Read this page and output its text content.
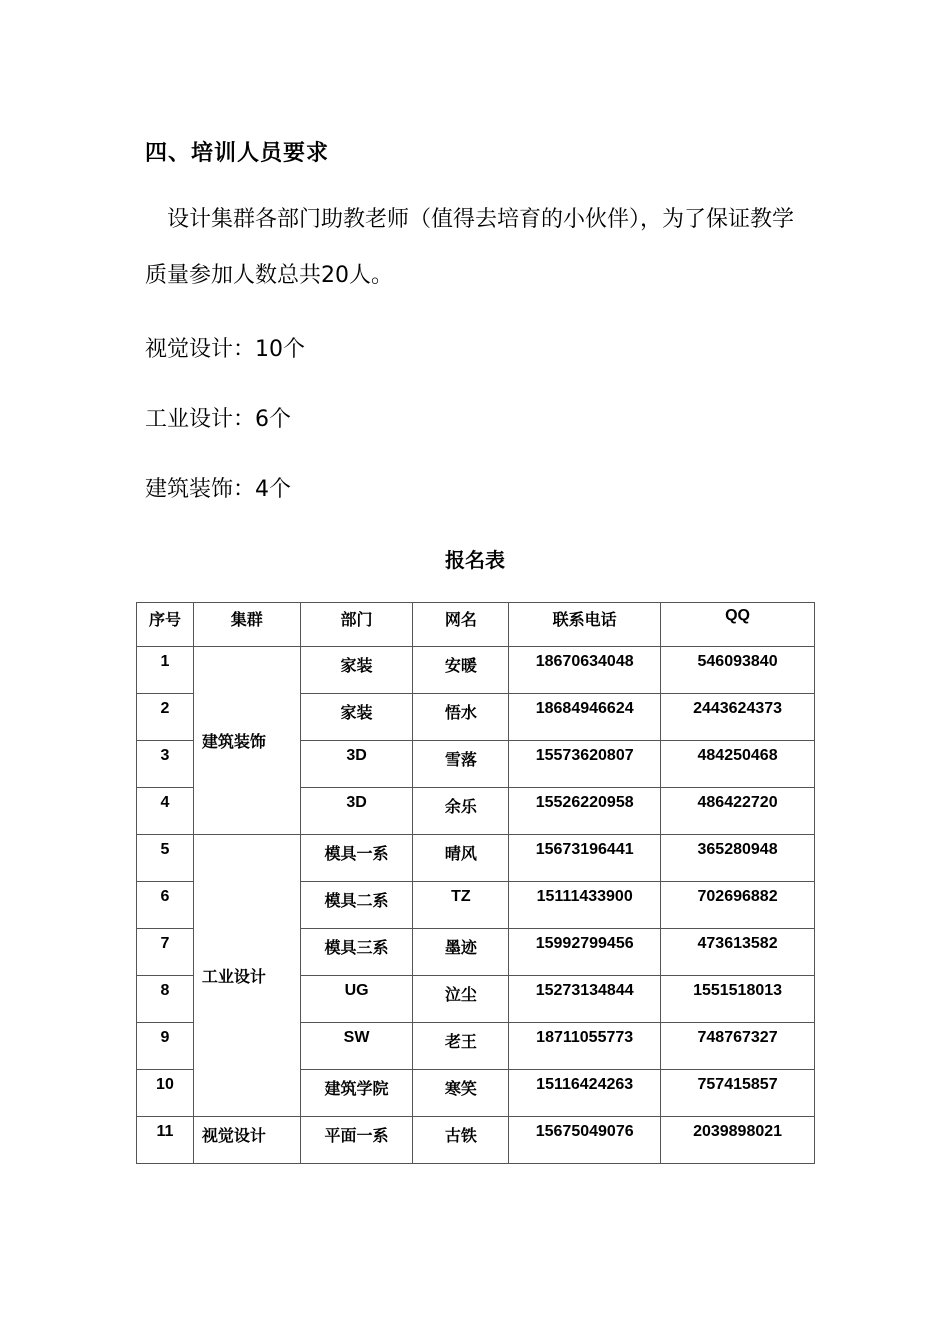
四、培训人员要求
设计集群各部门助教老师（值得去培育的小伙伴），为了保证教学质量参加人数总共20人。
视觉设计：10个
工业设计：6个
建筑装饰：4个
报名表
序号	集群	部门	网名	联系电话	QQ
1	建筑装饰	家装	安暖	18670634048	546093840
2		家装	悟水	18684946624	2443624373
3		3D	雪落	15573620807	484250468
4		3D	余乐	15526220958	486422720
5	工业设计	模具一系	晴风	15673196441	365280948
6		模具二系	TZ	15111433900	702696882
7		模具三系	墨迹	15992799456	473613582
8		UG	泣尘	15273134844	1551518013
9		SW	老王	18711055773	748767327
10		建筑学院	寒笑	15116424263	757415857
11	视觉设计	平面一系	古铁	15675049076	2039898021
